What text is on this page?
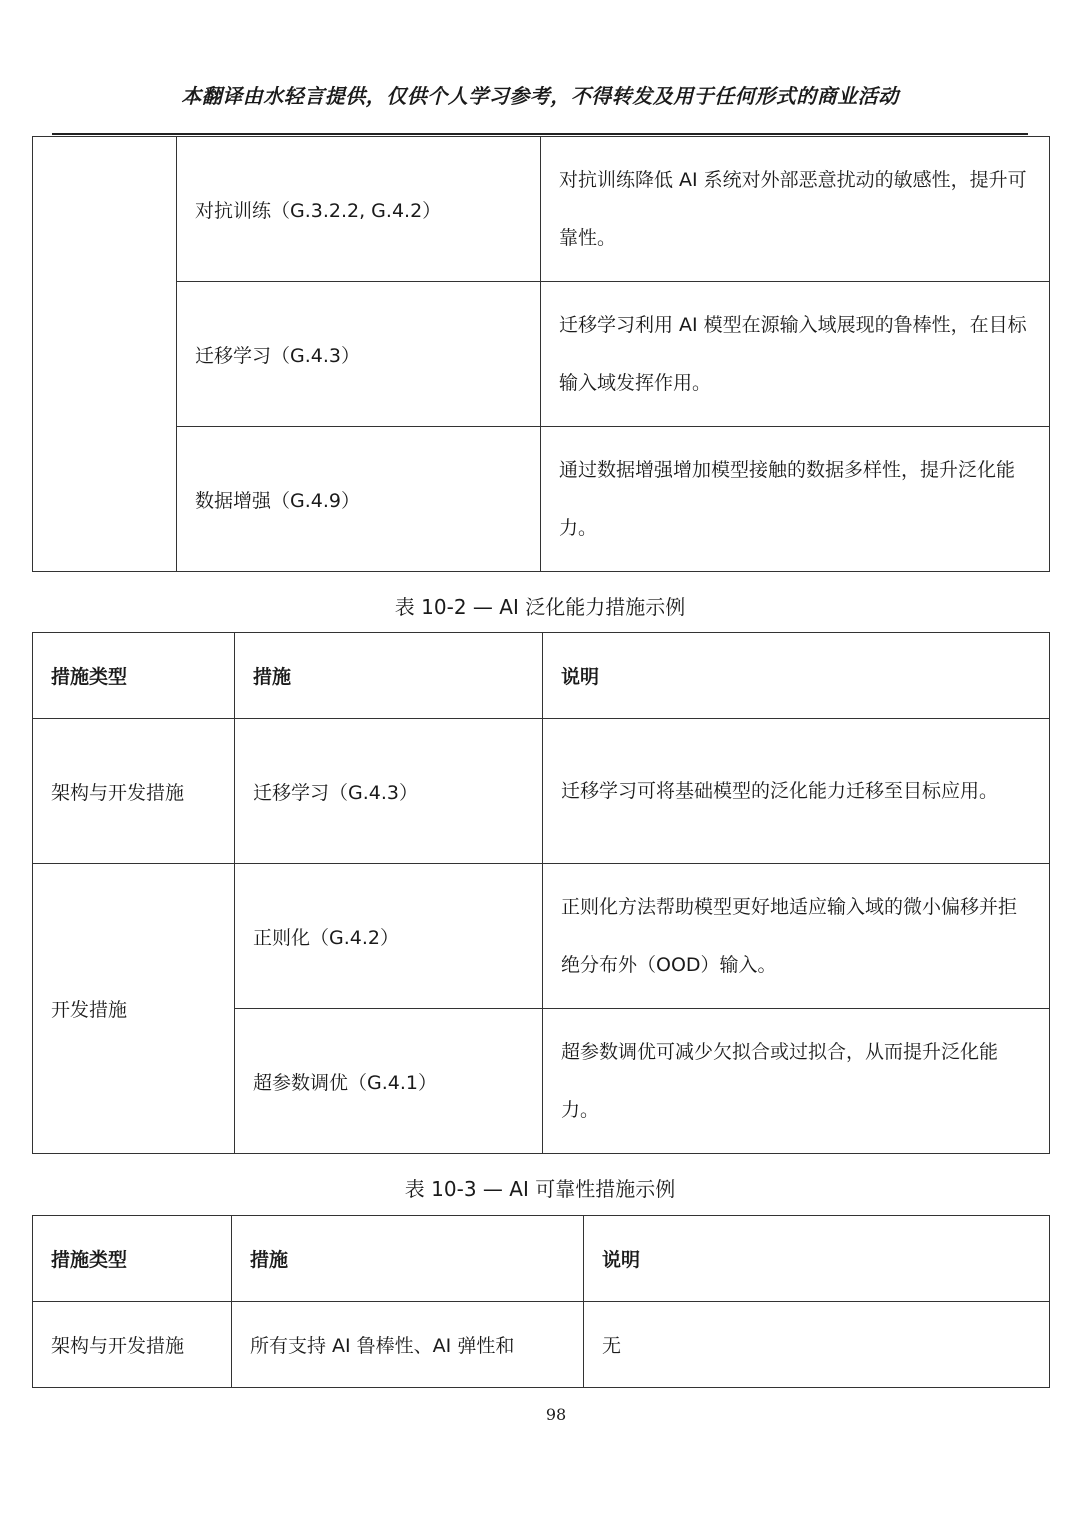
本翻译由水轻言提供，仅供个人学习参考，不得转发及用于任何形式的商业活动
	对抗训练（G.3.2.2, G.4.2）	对抗训练降低 AI 系统对外部恶意扰动的敏感性，提升可靠性。
	迁移学习（G.4.3）	迁移学习利用 AI 模型在源输入域展现的鲁棒性，在目标输入域发挥作用。
	数据增强（G.4.9）	通过数据增强增加模型接触的数据多样性，提升泛化能力。
表 10-2 — AI 泛化能力措施示例
措施类型	措施	说明
架构与开发措施	迁移学习（G.4.3）	迁移学习可将基础模型的泛化能力迁移至目标应用。
开发措施	正则化（G.4.2）	正则化方法帮助模型更好地适应输入域的微小偏移并拒绝分布外（OOD）输入。
	超参数调优（G.4.1）	超参数调优可减少欠拟合或过拟合，从而提升泛化能力。
表 10-3 — AI 可靠性措施示例
措施类型	措施	说明
架构与开发措施	所有支持 AI 鲁棒性、AI 弹性和	无
98
